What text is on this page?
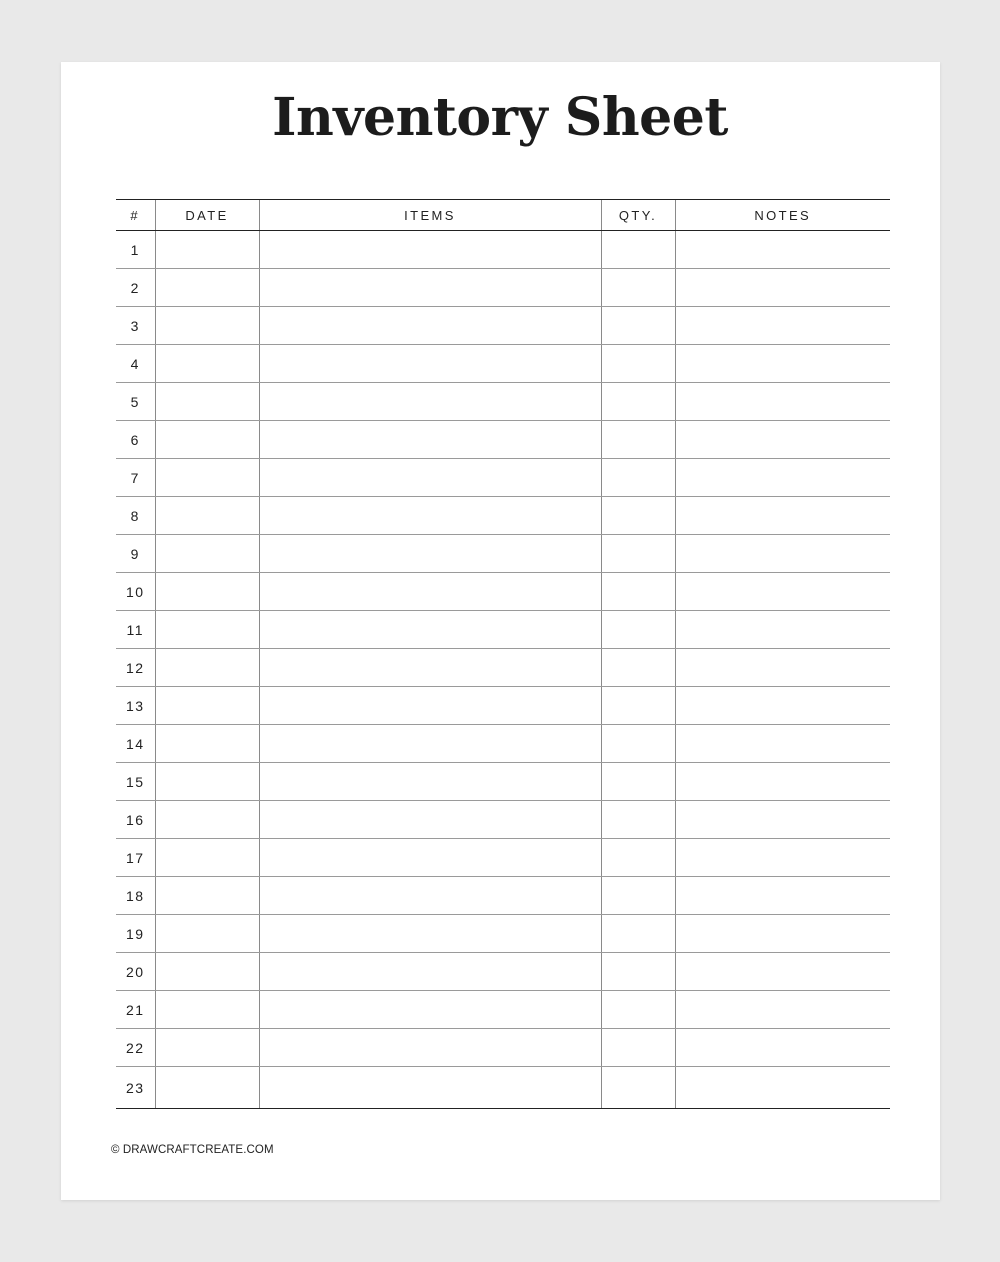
Inventory Sheet
#	DATE	ITEMS	QTY.	NOTES
1				
2				
3				
4				
5				
6				
7				
8				
9				
10				
11				
12				
13				
14				
15				
16				
17				
18				
19				
20				
21				
22				
23				
© DRAWCRAFTCREATE.COM
